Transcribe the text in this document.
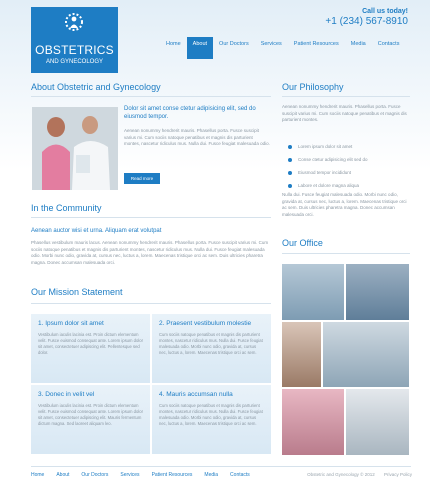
OBSTETRICS
AND GYNECOLOGY
Call us today!
+1 (234) 567-8910
Home	About	Our Doctors	Services	Patient Resources	Media	Contacts
About Obstetric and Gynecology
Dolor sit amet conse ctetur adipisicing elit, sed do eiusmod tempor.
Aenean nonummy hendrerit mauris. Phasellus porta. Fusce suscipit varius mi. Cum sociis natoque penatibus et magnis dis parturient montes, nascetur ridiculus mus. Nulla dui. Fusce feugiat malesuada odio.
Read more
In the Community
Aenean auctor wisi et urna. Aliquam erat volutpat
Phasellus vestibulum mauris lacus. Aenean nonummy hendrerit mauris. Phasellus porta. Fusce suscipit varius mi. Cum sociis natoque penatibus et magnis dis parturient montes, nascetur ridiculus mus. Nulla dui. Fusce feugiat malesuada odio. Morbi nunc odio, gravida at, cursus nec, luctus a, lorem. Maecenas tristique orci ac sem. Duis ultricies pharetra magna. Donec accumsan malesuada orci.
Our Mission Statement
1. Ipsum dolor sit amet
Vestibulum iaculis lacinia est. Proin dictum elementum velit. Fusce euismod consequat ante. Lorem ipsum dolor sit amet, consectetuer adipiscing elit. Pellentesque sed dolor.
2. Praesent vestibulum molestie
Cum sociis natoque penatibus et magnis dis parturient montes, nascetur ridiculus mus. Nulla dui. Fusce feugiat malesuada odio. Morbi nunc odio, gravida at, cursus nec, luctus a, lorem. Maecenas tristique orci ac sem.
3. Donec in velit vel
Vestibulum iaculis lacinia est. Proin dictum elementum velit. Fusce euismod consequat ante. Lorem ipsum dolor sit amet, consectetuer adipiscing elit. Mauris fermentum dictum magna. Sed laoreet aliquam leo.
4. Mauris accumsan nulla
Cum sociis natoque penatibus et magnis dis parturient montes, nascetur ridiculus mus. Nulla dui. Fusce feugiat malesuada odio. Morbi nunc odio, gravida at, cursus nec, luctus a, lorem. Maecenas tristique orci ac sem.
Our Philosophy
Aenean nonummy hendrerit mauris. Phasellus porta. Fusce suscipit varius mi. Cum sociis natoque penatibus et magnis dis parturient montes.
Lorem ipsum dolor sit amet
Conse ctetur adipisicing elit sed do
Eiusmod tempor incididunt
Labore et dolore magna aliqua
Nulla dui. Fusce feugiat malesuada odio. Morbi nunc odio, gravida at, cursus nec, luctus a, lorem. Maecenas tristique orci ac sem. Duis ultricies pharetra magna. Donec accumsan malesuada orci.
Our Office
Home About Our Doctors Services Patient Resources Media Contacts	Obstetric and Gynecology © 2012 Privacy Policy
